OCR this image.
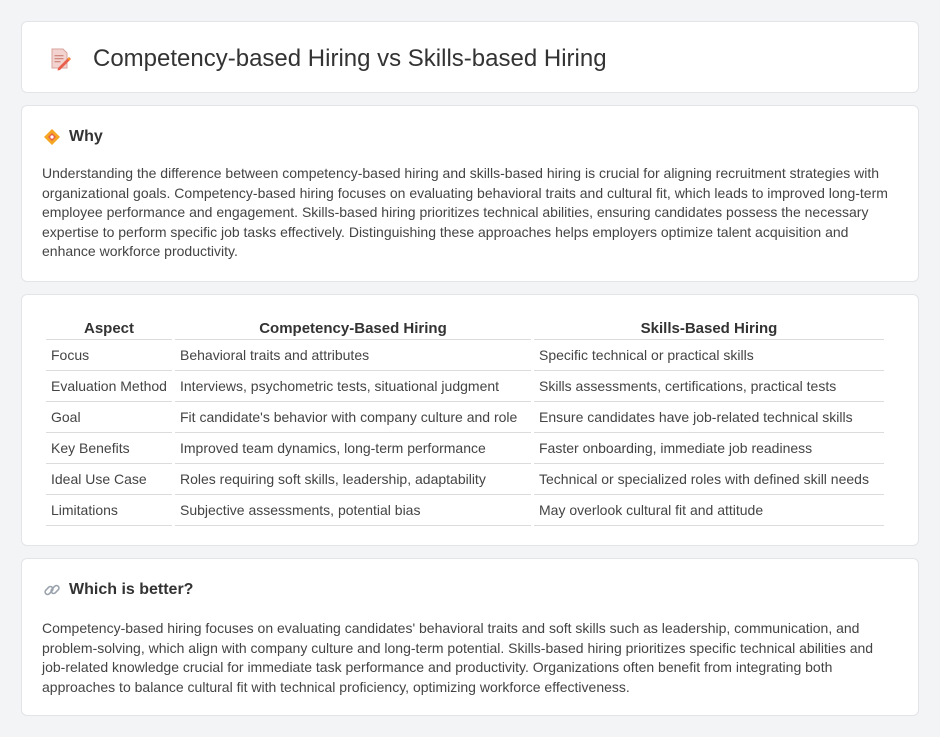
Competency-based Hiring vs Skills-based Hiring
Why

Understanding the difference between competency-based hiring and skills-based hiring is crucial for aligning recruitment strategies with organizational goals. Competency-based hiring focuses on evaluating behavioral traits and cultural fit, which leads to improved long-term employee performance and engagement. Skills-based hiring prioritizes technical abilities, ensuring candidates possess the necessary expertise to perform specific job tasks effectively. Distinguishing these approaches helps employers optimize talent acquisition and enhance workforce productivity.

Aspect	Competency-Based Hiring	Skills-Based Hiring
Focus	Behavioral traits and attributes	Specific technical or practical skills
Evaluation Method	Interviews, psychometric tests, situational judgment	Skills assessments, certifications, practical tests
Goal	Fit candidate's behavior with company culture and role	Ensure candidates have job-related technical skills
Key Benefits	Improved team dynamics, long-term performance	Faster onboarding, immediate job readiness
Ideal Use Case	Roles requiring soft skills, leadership, adaptability	Technical or specialized roles with defined skill needs
Limitations	Subjective assessments, potential bias	May overlook cultural fit and attitude
Which is better?

Competency-based hiring focuses on evaluating candidates' behavioral traits and soft skills such as leadership, communication, and problem-solving, which align with company culture and long-term potential. Skills-based hiring prioritizes specific technical abilities and job-related knowledge crucial for immediate task performance and productivity. Organizations often benefit from integrating both approaches to balance cultural fit with technical proficiency, optimizing workforce effectiveness.
